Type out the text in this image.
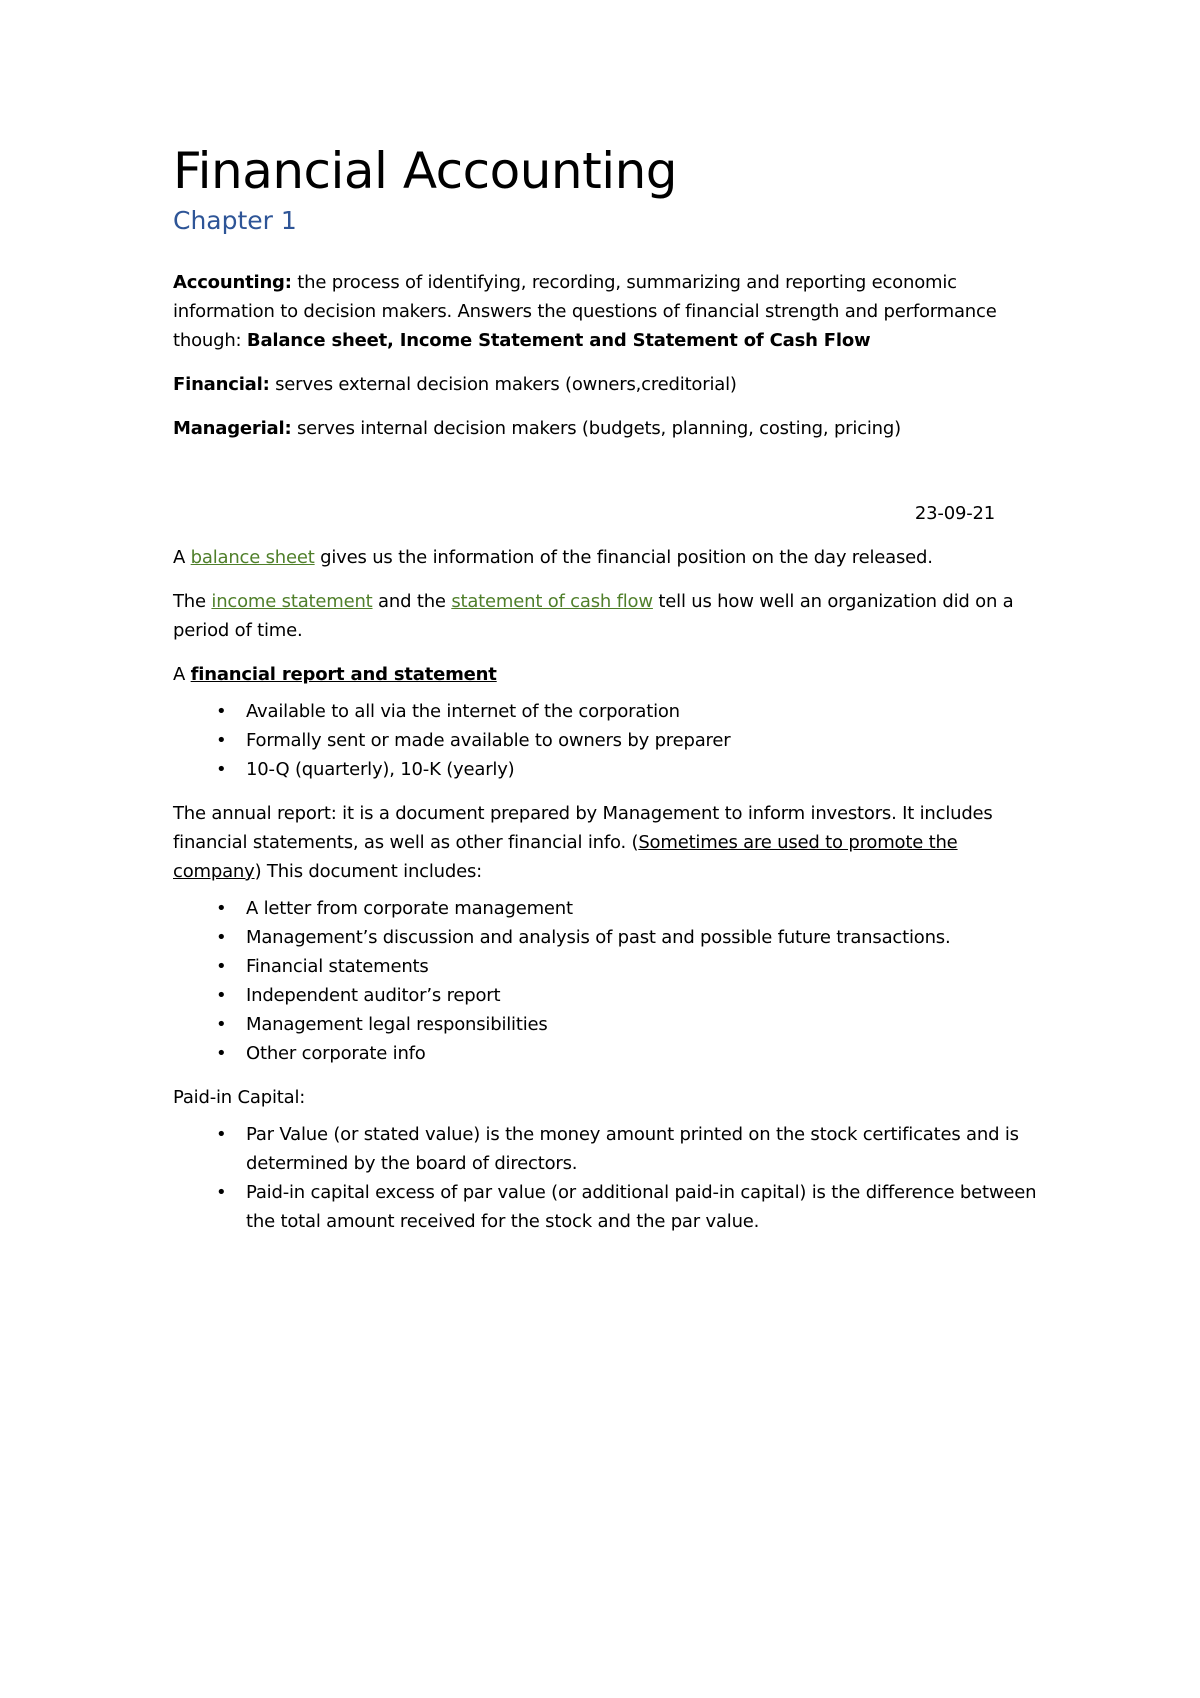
Financial Accounting
Chapter 1

Accounting: the process of identifying, recording, summarizing and reporting economic information to decision makers. Answers the questions of financial strength and performance though: Balance sheet, Income Statement and Statement of Cash Flow

Financial: serves external decision makers (owners,creditorial)

Managerial: serves internal decision makers (budgets, planning, costing, pricing)

23-09-21

A balance sheet gives us the information of the financial position on the day released.

The income statement and the statement of cash flow tell us how well an organization did on a period of time.

A financial report and statement

• Available to all via the internet of the corporation
• Formally sent or made available to owners by preparer
• 10-Q (quarterly), 10-K (yearly)

The annual report: it is a document prepared by Management to inform investors. It includes financial statements, as well as other financial info. (Sometimes are used to promote the company) This document includes:

• A letter from corporate management
• Management’s discussion and analysis of past and possible future transactions.
• Financial statements
• Independent auditor’s report
• Management legal responsibilities
• Other corporate info

Paid-in Capital:

• Par Value (or stated value) is the money amount printed on the stock certificates and is determined by the board of directors.
• Paid-in capital excess of par value (or additional paid-in capital) is the difference between the total amount received for the stock and the par value.
